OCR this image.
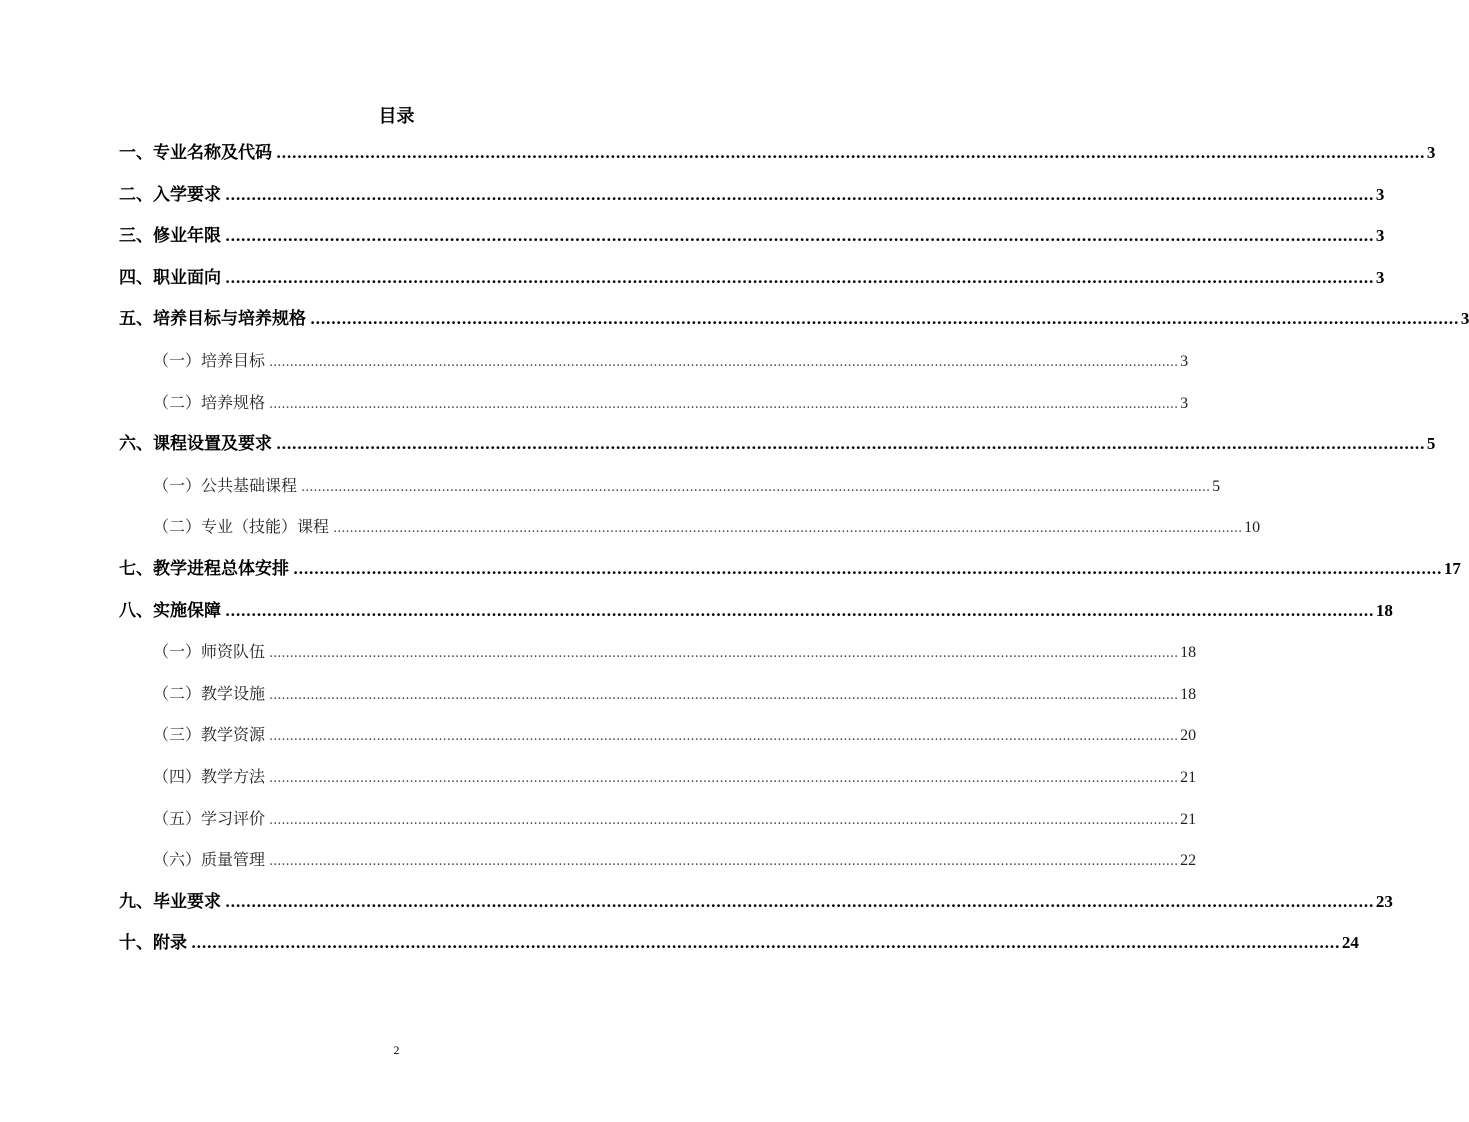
目录
一、专业名称及代码 ............................................................................................................................................................................................................................ 3
二、入学要求 ............................................................................................................................................................................................................................ 3
三、修业年限 ............................................................................................................................................................................................................................ 3
四、职业面向 ............................................................................................................................................................................................................................ 3
五、培养目标与培养规格 ............................................................................................................................................................................................................................ 3
（一）培养目标 ............................................................................................................................................................................................................................ 3
（二）培养规格 ............................................................................................................................................................................................................................ 3
六、课程设置及要求 ............................................................................................................................................................................................................................ 5
（一）公共基础课程 ............................................................................................................................................................................................................................ 5
（二）专业（技能）课程 ............................................................................................................................................................................................................................ 10
七、教学进程总体安排 ............................................................................................................................................................................................................................ 17
八、实施保障 ............................................................................................................................................................................................................................ 18
（一）师资队伍 ............................................................................................................................................................................................................................ 18
（二）教学设施 ............................................................................................................................................................................................................................ 18
（三）教学资源 ............................................................................................................................................................................................................................ 20
（四）教学方法 ............................................................................................................................................................................................................................ 21
（五）学习评价 ............................................................................................................................................................................................................................ 21
（六）质量管理 ............................................................................................................................................................................................................................ 22
九、毕业要求 ............................................................................................................................................................................................................................ 23
十、附录 ............................................................................................................................................................................................................................ 24
2
